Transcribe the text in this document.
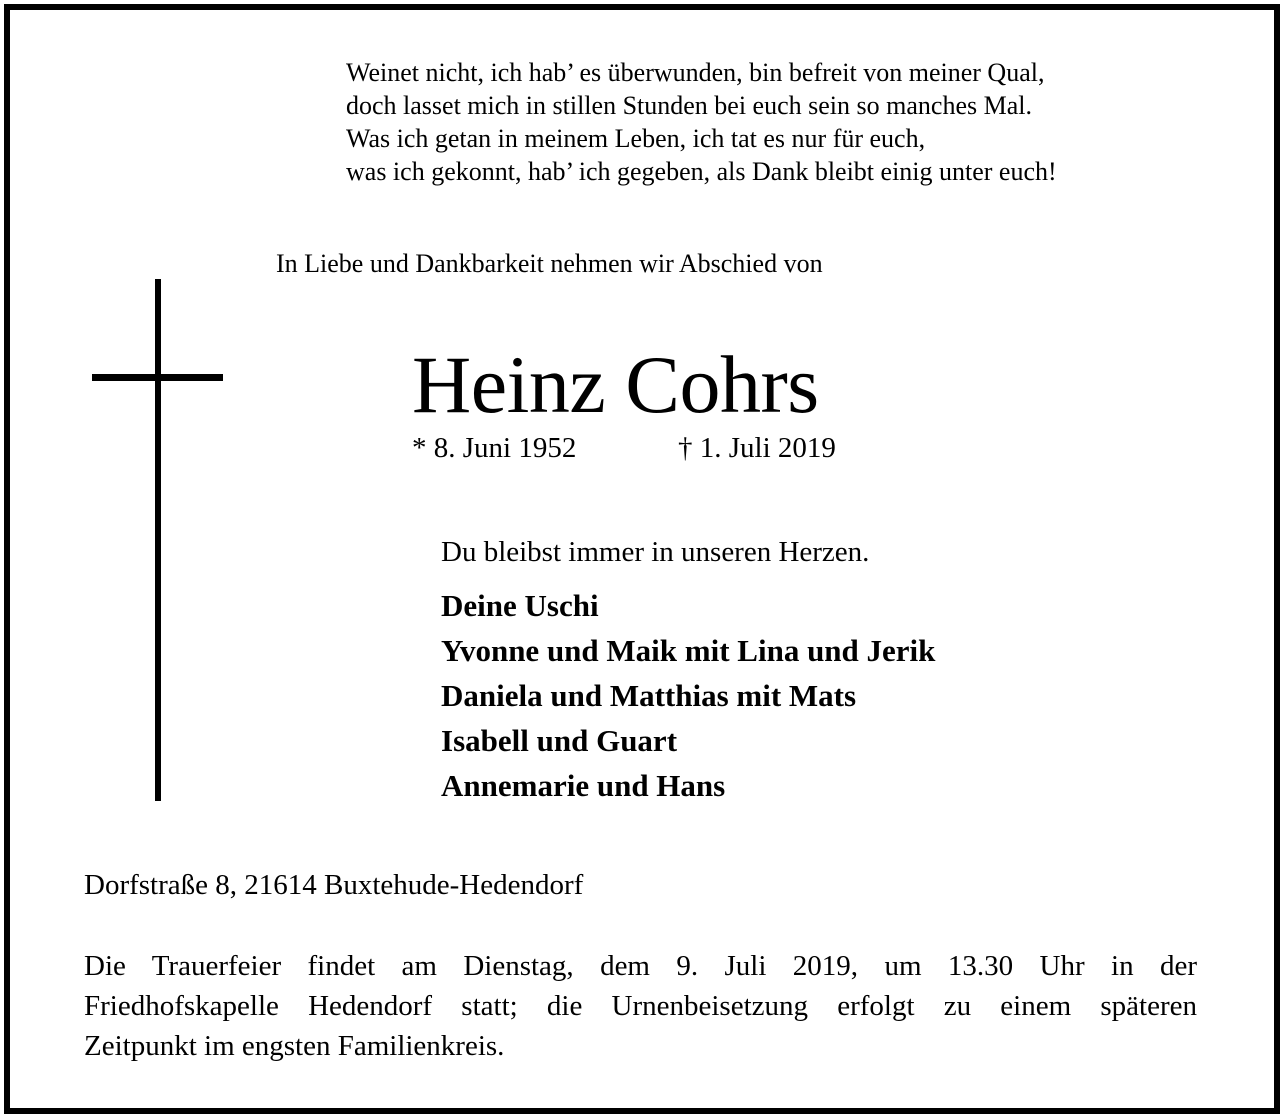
Weinet nicht, ich hab’ es überwunden, bin befreit von meiner Qual,
doch lasset mich in stillen Stunden bei euch sein so manches Mal.
Was ich getan in meinem Leben, ich tat es nur für euch,
was ich gekonnt, hab’ ich gegeben, als Dank bleibt einig unter euch!
In Liebe und Dankbarkeit nehmen wir Abschied von
Heinz Cohrs
* 8. Juni 1952	† 1. Juli 2019
Du bleibst immer in unseren Herzen.
Deine Uschi
Yvonne und Maik mit Lina und Jerik
Daniela und Matthias mit Mats
Isabell und Guart
Annemarie und Hans
Dorfstraße 8, 21614 Buxtehude-Hedendorf
Die Trauerfeier findet am Dienstag, dem 9. Juli 2019, um 13.30 Uhr in der
Friedhofskapelle Hedendorf statt; die Urnenbeisetzung erfolgt zu einem späteren
Zeitpunkt im engsten Familienkreis.
